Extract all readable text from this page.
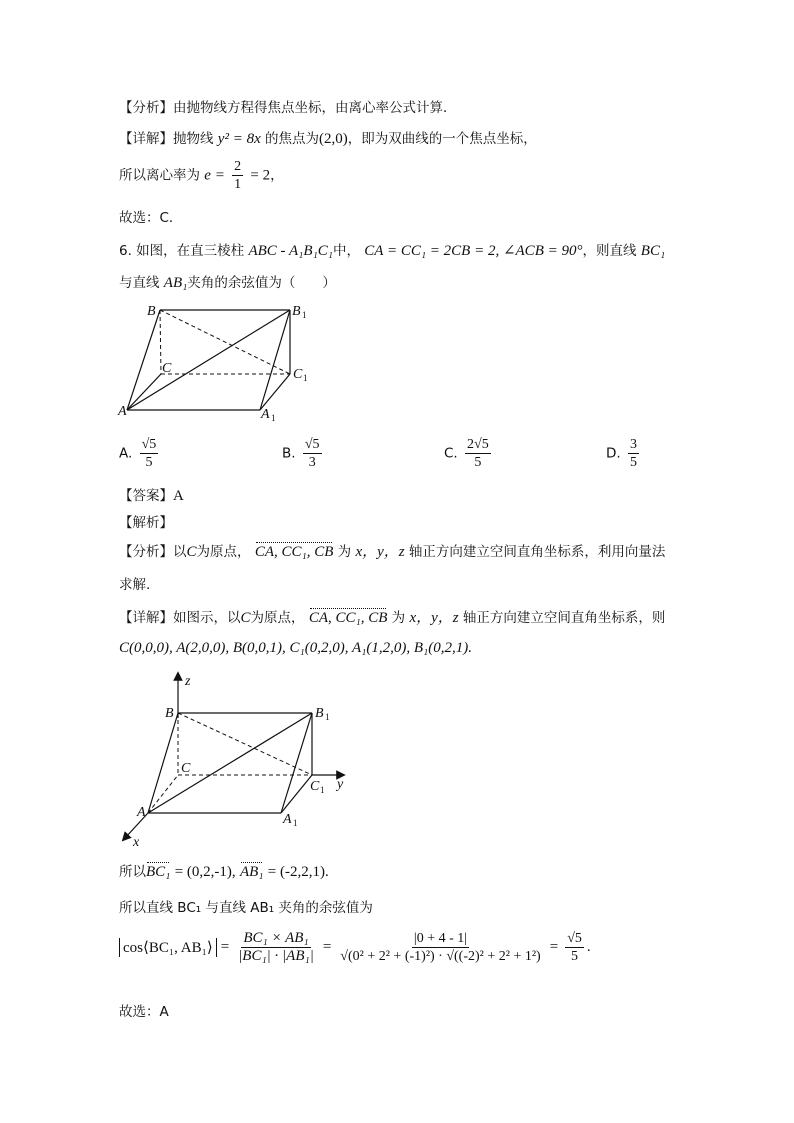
【分析】由抛物线方程得焦点坐标，由离心率公式计算．
【详解】抛物线 y² = 8x 的焦点为(2,0)，即为双曲线的一个焦点坐标，
所以离心率为 $e = \frac{2}{1} = 2$，
故选：C．
6. 如图，在直三棱柱 ABC - A₁B₁C₁中， CA = CC₁ = 2CB = 2, ∠ACB = 90°，则直线 BC₁
与直线 AB₁夹角的余弦值为（　　）
B	B 1
C	C 1
A	A 1
A. $\frac{√5}{5}$	B. $\frac{√5}{3}$	C. $\frac{2√5}{5}$	D. $\frac{3}{5}$
【答案】A
【解析】
【分析】以C为原点， CA, CC₁, CB 为 x，y，z 轴正方向建立空间直角坐标系，利用向量法
求解.
【详解】如图示，以C为原点， CA, CC₁, CB 为 x，y，z 轴正方向建立空间直角坐标系，则
C(0,0,0), A(2,0,0), B(0,0,1), C₁(0,2,0), A₁(1,2,0), B₁(0,2,1).
z
B	B 1
C
y
C 1
A	A 1
x
所以BC₁ = (0,2,-1), AB₁ = (-2,2,1).
所以直线 BC₁ 与直线 AB₁ 夹角的余弦值为
cos⟨BC₁, AB₁⟩ = $\frac{\text{BC₁ × AB₁}}{\text{|BC₁| · |AB₁|}} = \frac{|0 + 4 - 1|}{\text{√(0² + 2² + (-1)²) · √((-2)² + 2² + 1²)}} = \frac{√5}{5}$ .
故选：A
